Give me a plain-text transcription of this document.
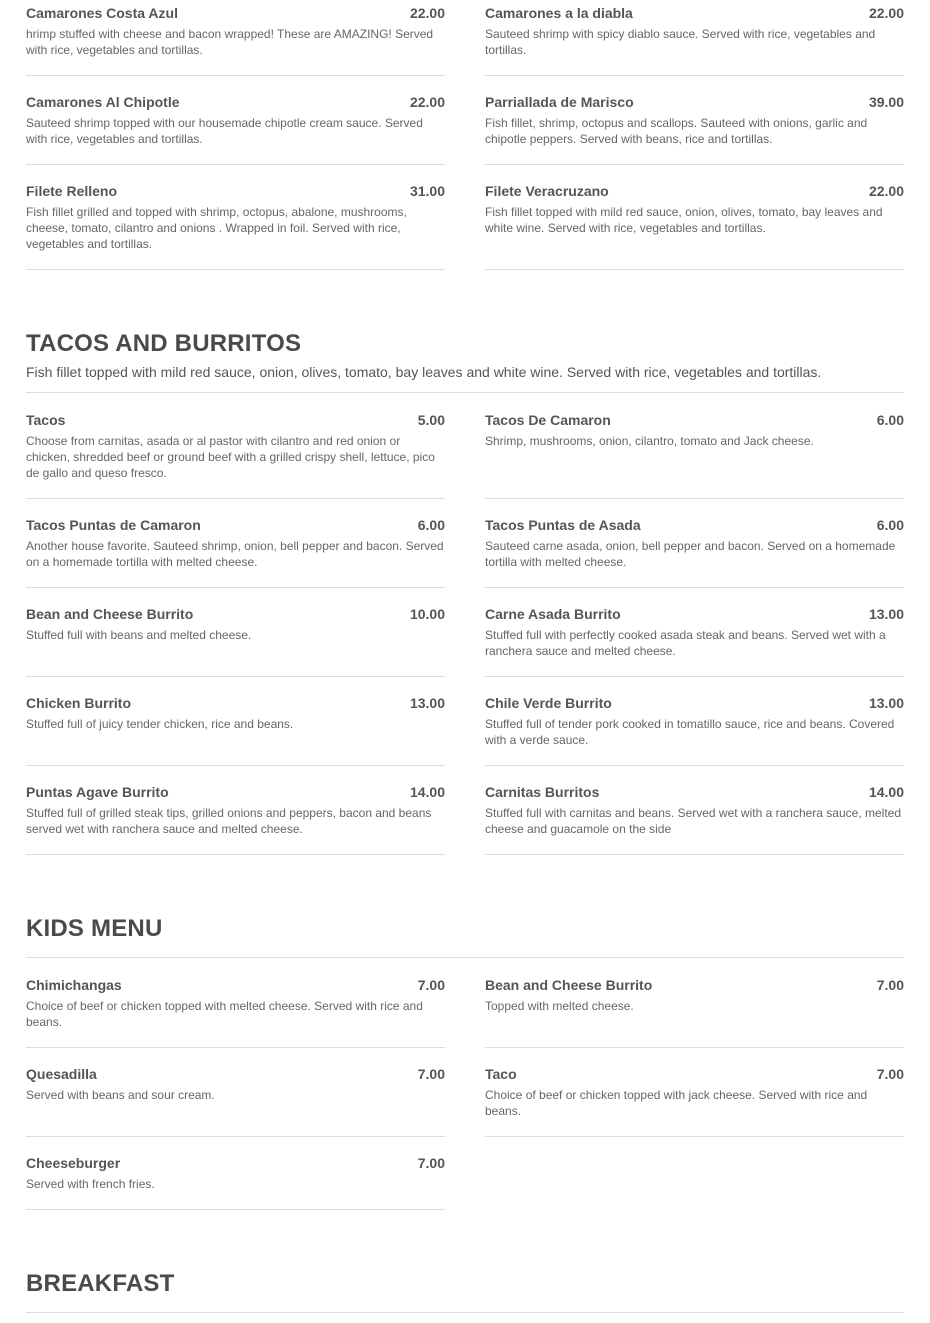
Camarones Costa Azul	22.00
hrimp stuffed with cheese and bacon wrapped! These are AMAZING! Served with rice, vegetables and tortillas.
Camarones a la diabla	22.00
Sauteed shrimp with spicy diablo sauce. Served with rice, vegetables and tortillas.
Camarones Al Chipotle	22.00
Sauteed shrimp topped with our housemade chipotle cream sauce. Served with rice, vegetables and tortillas.
Parriallada de Marisco	39.00
Fish fillet, shrimp, octopus and scallops. Sauteed with onions, garlic and chipotle peppers. Served with beans, rice and tortillas.
Filete Relleno	31.00
Fish fillet grilled and topped with shrimp, octopus, abalone, mushrooms, cheese, tomato, cilantro and onions . Wrapped in foil. Served with rice, vegetables and tortillas.
Filete Veracruzano	22.00
Fish fillet topped with mild red sauce, onion, olives, tomato, bay leaves and white wine. Served with rice, vegetables and tortillas.
TACOS AND BURRITOS
Fish fillet topped with mild red sauce, onion, olives, tomato, bay leaves and white wine. Served with rice, vegetables and tortillas.
Tacos	5.00
Choose from carnitas, asada or al pastor with cilantro and red onion or chicken, shredded beef or ground beef with a grilled crispy shell, lettuce, pico de gallo and queso fresco.
Tacos De Camaron	6.00
Shrimp, mushrooms, onion, cilantro, tomato and Jack cheese.
Tacos Puntas de Camaron	6.00
Another house favorite. Sauteed shrimp, onion, bell pepper and bacon. Served on a homemade tortilla with melted cheese.
Tacos Puntas de Asada	6.00
Sauteed carne asada, onion, bell pepper and bacon. Served on a homemade tortilla with melted cheese.
Bean and Cheese Burrito	10.00
Stuffed full with beans and melted cheese.
Carne Asada Burrito	13.00
Stuffed full with perfectly cooked asada steak and beans. Served wet with a ranchera sauce and melted cheese.
Chicken Burrito	13.00
Stuffed full of juicy tender chicken, rice and beans.
Chile Verde Burrito	13.00
Stuffed full of tender pork cooked in tomatillo sauce, rice and beans. Covered with a verde sauce.
Puntas Agave Burrito	14.00
Stuffed full of grilled steak tips, grilled onions and peppers, bacon and beans served wet with ranchera sauce and melted cheese.
Carnitas Burritos	14.00
Stuffed full with carnitas and beans. Served wet with a ranchera sauce, melted cheese and guacamole on the side
KIDS MENU
Chimichangas	7.00
Choice of beef or chicken topped with melted cheese. Served with rice and beans.
Bean and Cheese Burrito	7.00
Topped with melted cheese.
Quesadilla	7.00
Served with beans and sour cream.
Taco	7.00
Choice of beef or chicken topped with jack cheese. Served with rice and beans.
Cheeseburger	7.00
Served with french fries.
BREAKFAST
